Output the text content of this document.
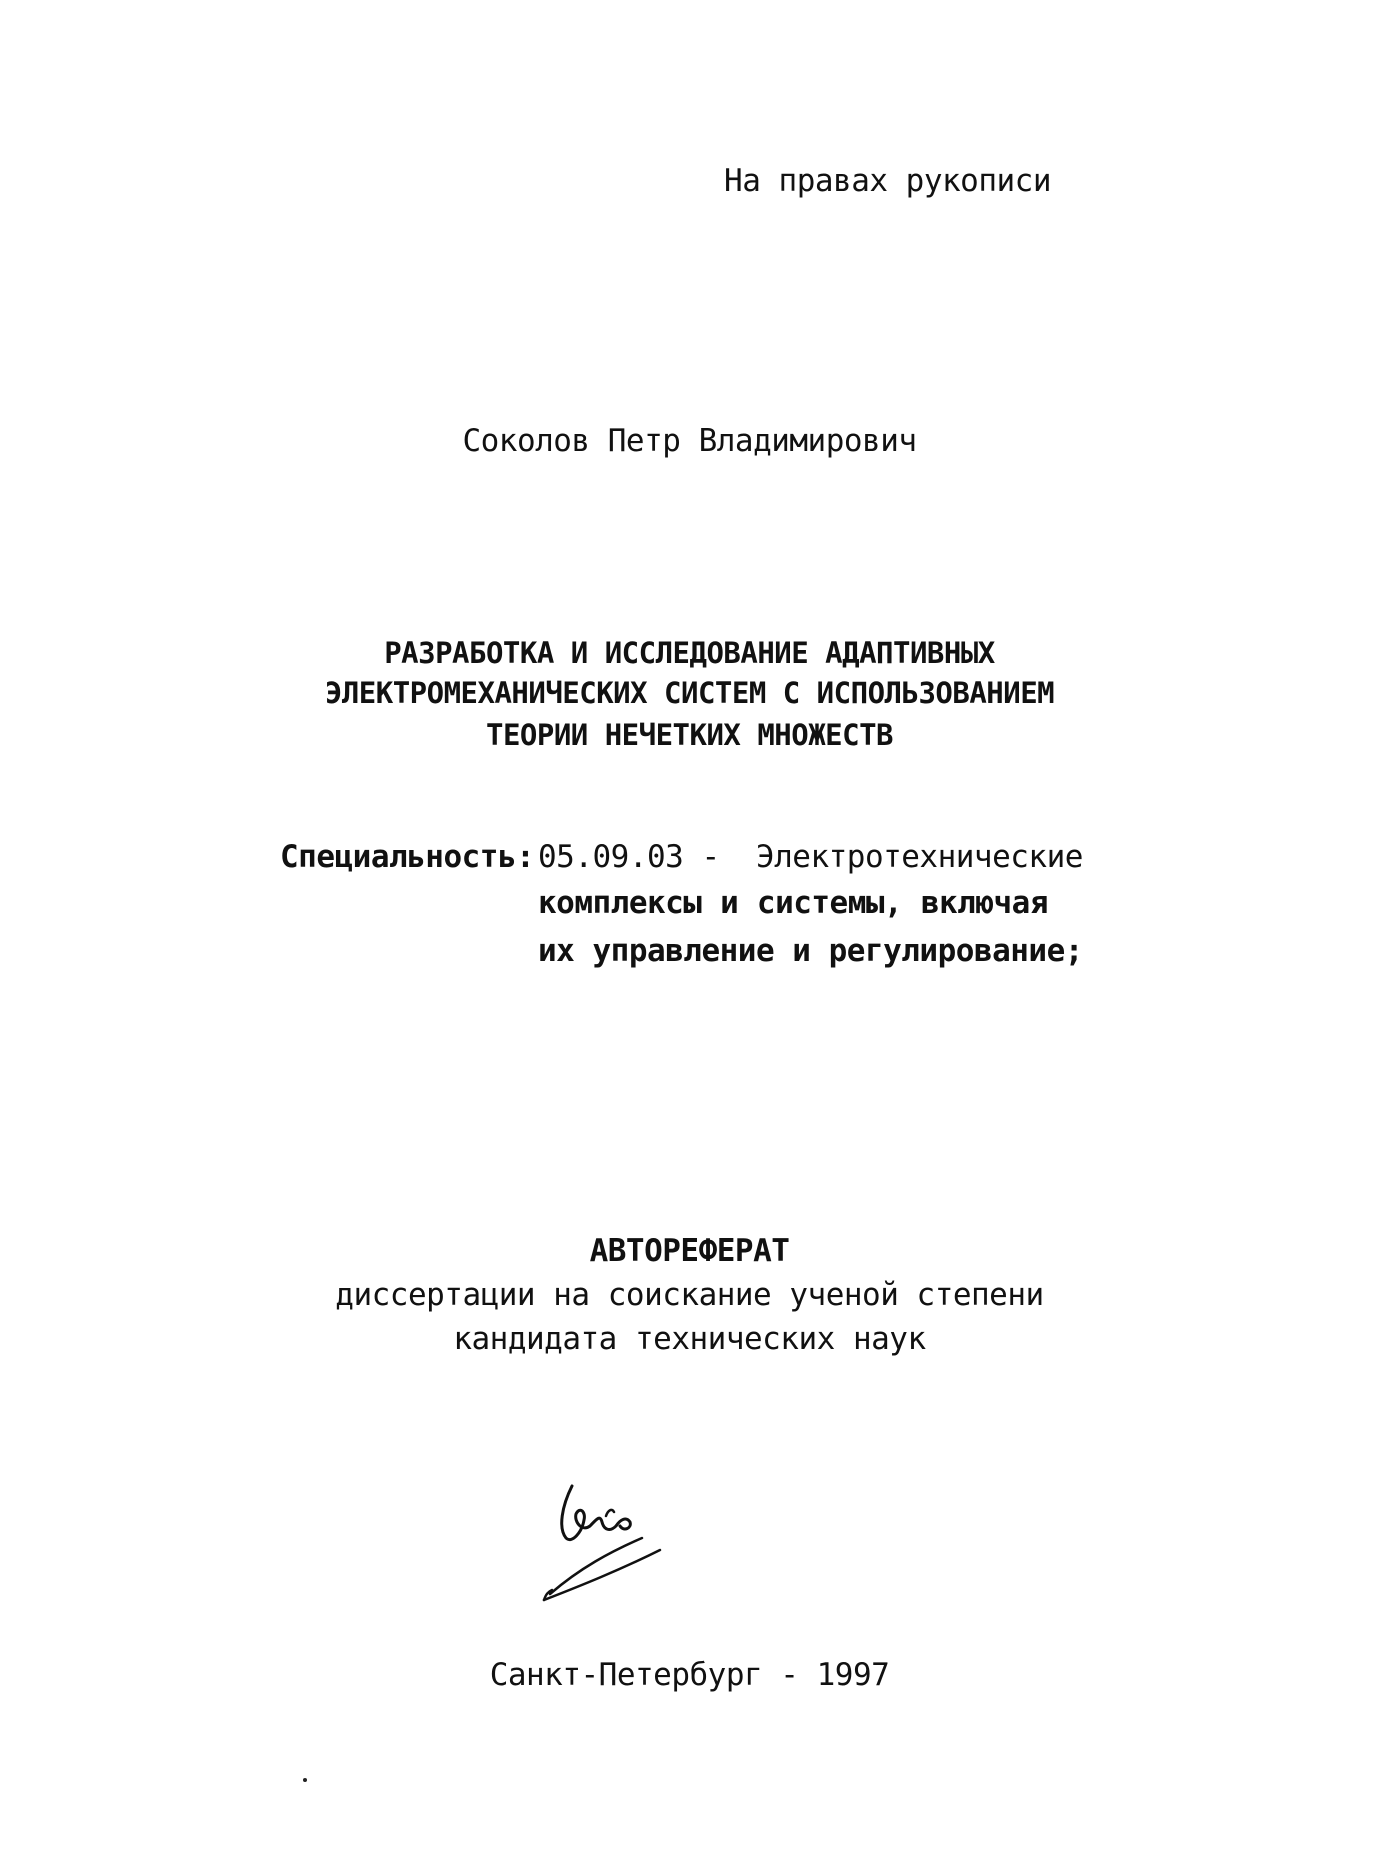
На правах рукописи
Соколов Петр Владимирович
РАЗРАБОТКА И ИССЛЕДОВАНИЕ АДАПТИВНЫХ
ЭЛЕКТРОМЕХАНИЧЕСКИХ СИСТЕМ С ИСПОЛЬЗОВАНИЕМ
ТЕОРИИ НЕЧЕТКИХ МНОЖЕСТВ
Специальность: 05.09.03 -  Электротехнические
комплексы и системы, включая
их управление и регулирование;
АВТОРЕФЕРАТ
диссертации на соискание ученой степени
кандидата технических наук
Санкт-Петербург - 1997
